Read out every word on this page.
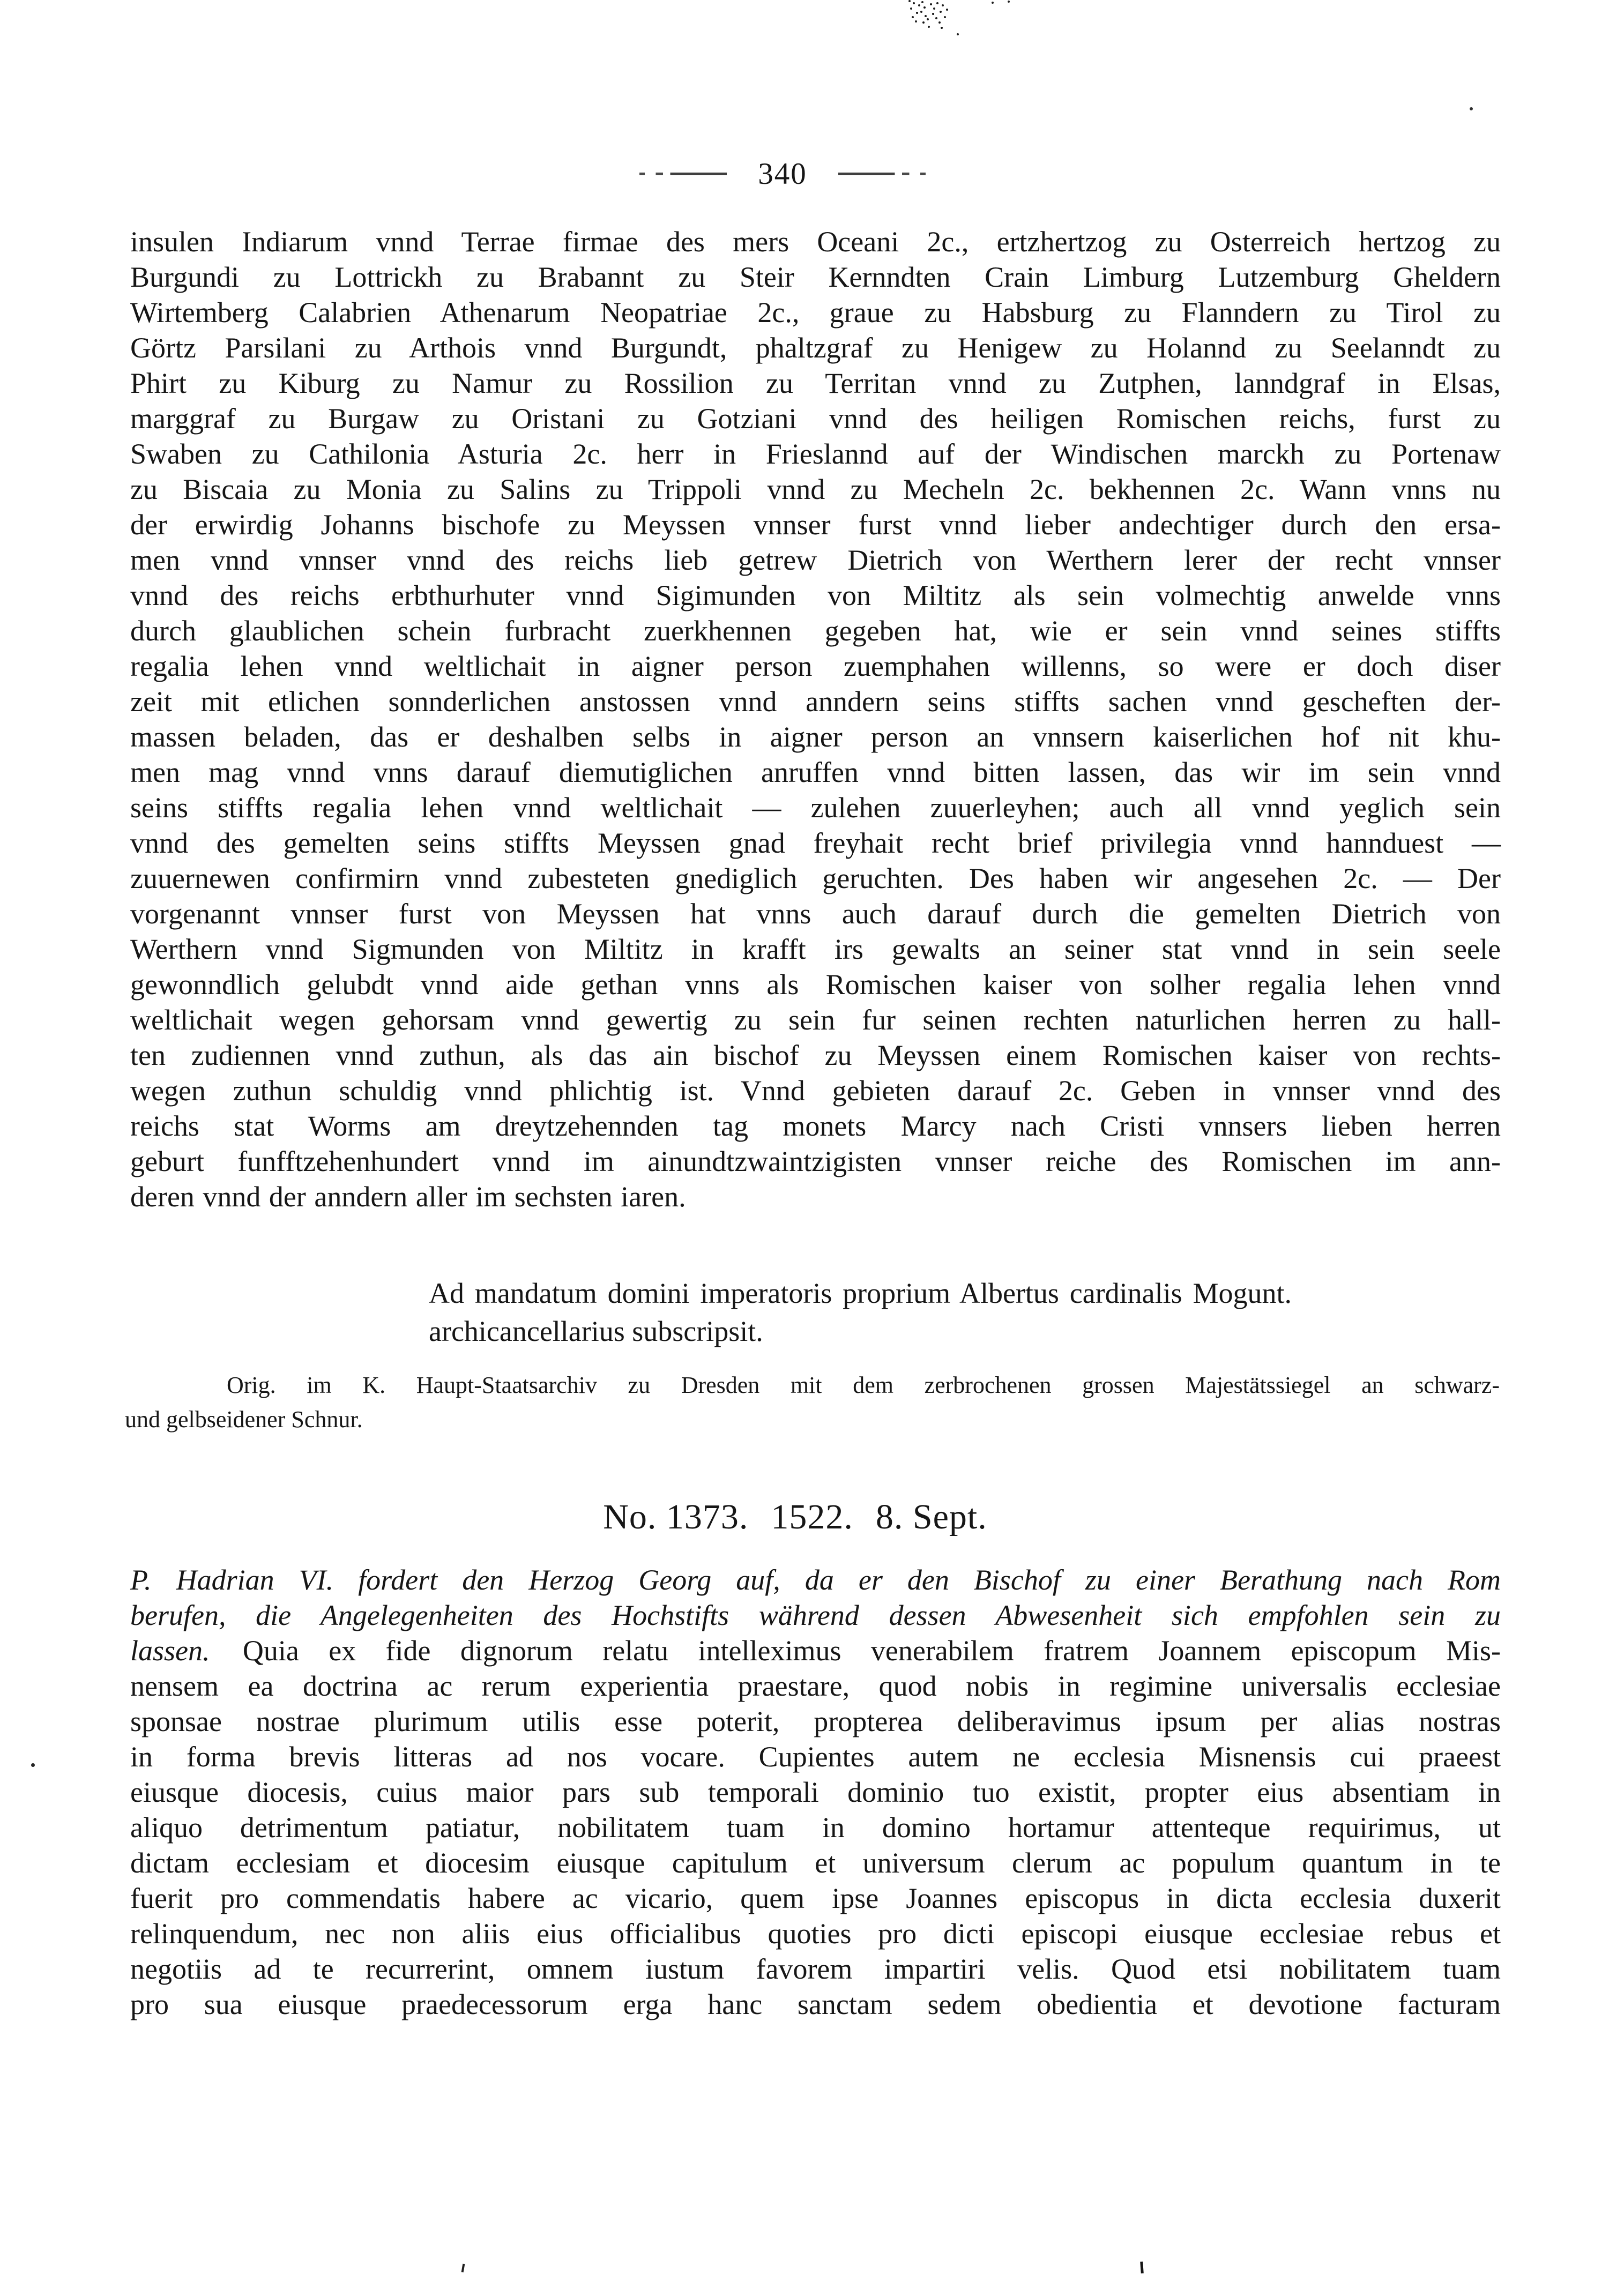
340
insulen Indiarum vnnd Terrae firmae des mers Oceani 2c., ertzhertzog zu Osterreich hertzog zu
Burgundi zu Lottrickh zu Brabannt zu Steir Kernndten Crain Limburg Lutzemburg Gheldern
Wirtemberg Calabrien Athenarum Neopatriae 2c., graue zu Habsburg zu Flanndern zu Tirol zu
Görtz Parsilani zu Arthois vnnd Burgundt, phaltzgraf zu Henigew zu Holannd zu Seelanndt zu
Phirt zu Kiburg zu Namur zu Rossilion zu Territan vnnd zu Zutphen, lanndgraf in Elsas,
marggraf zu Burgaw zu Oristani zu Gotziani vnnd des heiligen Romischen reichs, furst zu
Swaben zu Cathilonia Asturia 2c. herr in Frieslannd auf der Windischen marckh zu Portenaw
zu Biscaia zu Monia zu Salins zu Trippoli vnnd zu Mecheln 2c. bekhennen 2c. Wann vnns nu
der erwirdig Johanns bischofe zu Meyssen vnnser furst vnnd lieber andechtiger durch den ersa-
men vnnd vnnser vnnd des reichs lieb getrew Dietrich von Werthern lerer der recht vnnser
vnnd des reichs erbthurhuter vnnd Sigimunden von Miltitz als sein volmechtig anwelde vnns
durch glaublichen schein furbracht zuerkhennen gegeben hat, wie er sein vnnd seines stiffts
regalia lehen vnnd weltlichait in aigner person zuemphahen willenns, so were er doch diser
zeit mit etlichen sonnderlichen anstossen vnnd anndern seins stiffts sachen vnnd gescheften der-
massen beladen, das er deshalben selbs in aigner person an vnnsern kaiserlichen hof nit khu-
men mag vnnd vnns darauf diemutiglichen anruffen vnnd bitten lassen, das wir im sein vnnd
seins stiffts regalia lehen vnnd weltlichait — zulehen zuuerleyhen; auch all vnnd yeglich sein
vnnd des gemelten seins stiffts Meyssen gnad freyhait recht brief privilegia vnnd hannduest —
zuuernewen confirmirn vnnd zubesteten gnediglich geruchten. Des haben wir angesehen 2c. — Der
vorgenannt vnnser furst von Meyssen hat vnns auch darauf durch die gemelten Dietrich von
Werthern vnnd Sigmunden von Miltitz in krafft irs gewalts an seiner stat vnnd in sein seele
gewonndlich gelubdt vnnd aide gethan vnns als Romischen kaiser von solher regalia lehen vnnd
weltlichait wegen gehorsam vnnd gewertig zu sein fur seinen rechten naturlichen herren zu hall-
ten zudiennen vnnd zuthun, als das ain bischof zu Meyssen einem Romischen kaiser von rechts-
wegen zuthun schuldig vnnd phlichtig ist. Vnnd gebieten darauf 2c. Geben in vnnser vnnd des
reichs stat Worms am dreytzehennden tag monets Marcy nach Cristi vnnsers lieben herren
geburt funfftzehenhundert vnnd im ainundtzwaintzigisten vnnser reiche des Romischen im ann-
deren vnnd der anndern aller im sechsten iaren.
Ad mandatum domini imperatoris proprium Albertus cardinalis Mogunt.
archicancellarius subscripsit.
Orig. im K. Haupt-Staatsarchiv zu Dresden mit dem zerbrochenen grossen Majestätssiegel an schwarz-
und gelbseidener Schnur.
No. 1373. 1522. 8. Sept.
P. Hadrian VI. fordert den Herzog Georg auf, da er den Bischof zu einer Berathung nach Rom
berufen, die Angelegenheiten des Hochstifts während dessen Abwesenheit sich empfohlen sein zu
lassen. Quia ex fide dignorum relatu intelleximus venerabilem fratrem Joannem episcopum Mis-
nensem ea doctrina ac rerum experientia praestare, quod nobis in regimine universalis ecclesiae
sponsae nostrae plurimum utilis esse poterit, propterea deliberavimus ipsum per alias nostras
in forma brevis litteras ad nos vocare. Cupientes autem ne ecclesia Misnensis cui praeest
eiusque diocesis, cuius maior pars sub temporali dominio tuo existit, propter eius absentiam in
aliquo detrimentum patiatur, nobilitatem tuam in domino hortamur attenteque requirimus, ut
dictam ecclesiam et diocesim eiusque capitulum et universum clerum ac populum quantum in te
fuerit pro commendatis habere ac vicario, quem ipse Joannes episcopus in dicta ecclesia duxerit
relinquendum, nec non aliis eius officialibus quoties pro dicti episcopi eiusque ecclesiae rebus et
negotiis ad te recurrerint, omnem iustum favorem impartiri velis. Quod etsi nobilitatem tuam
pro sua eiusque praedecessorum erga hanc sanctam sedem obedientia et devotione facturam
